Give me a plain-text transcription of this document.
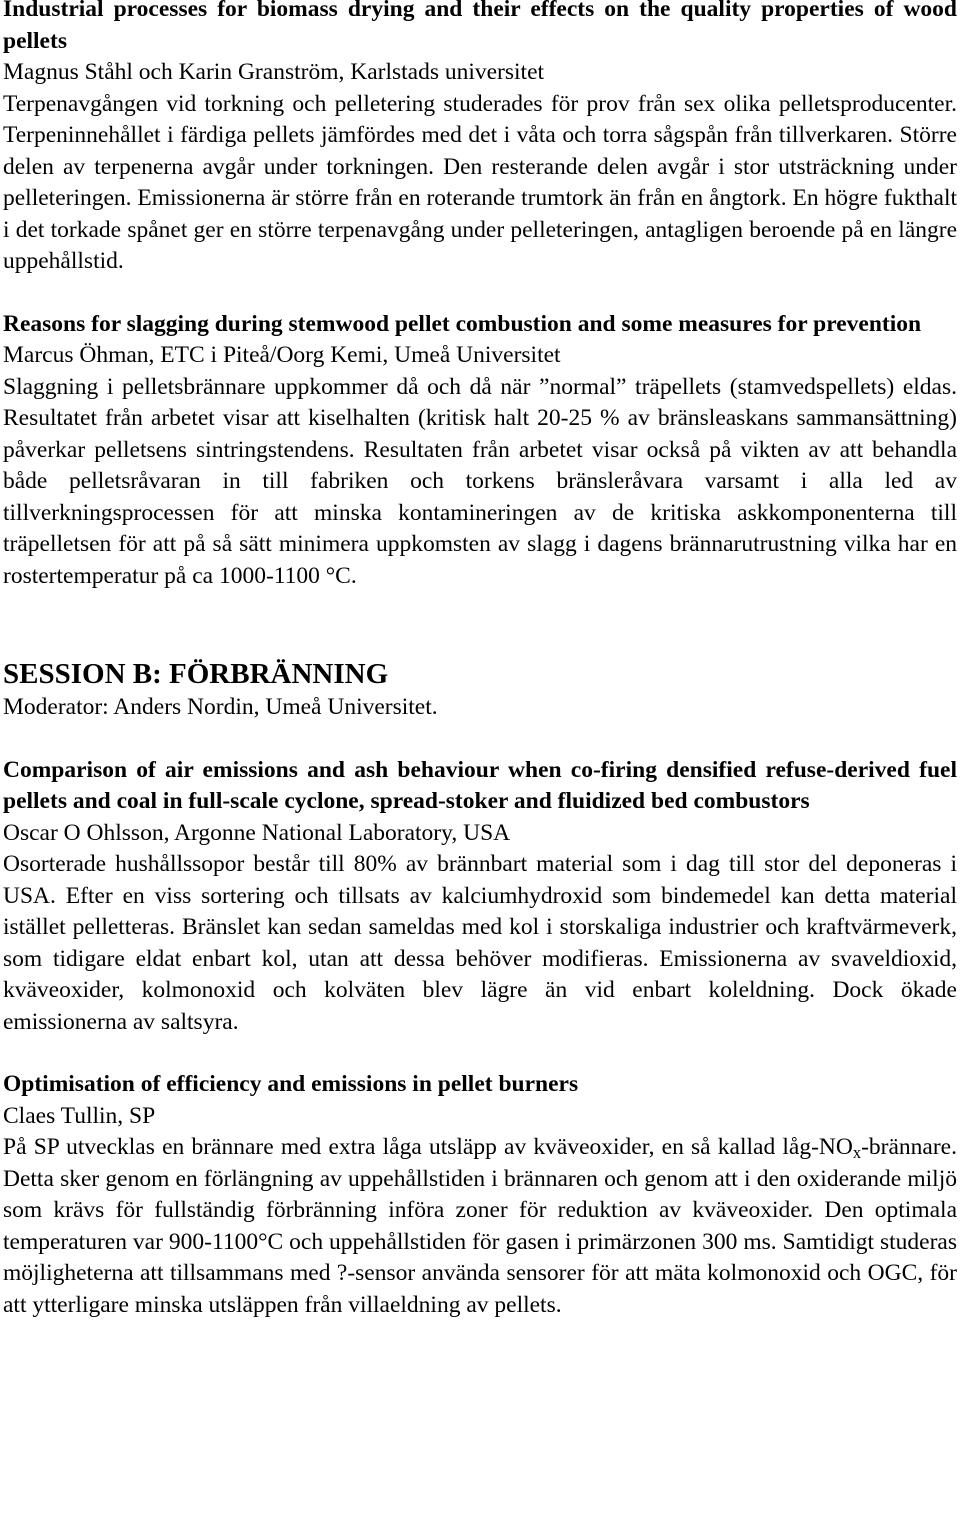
Industrial processes for biomass drying and their effects on the quality properties of wood pellets

Magnus Ståhl och Karin Granström, Karlstads universitet

Terpenavgången vid torkning och pelletering studerades för prov från sex olika pelletsproducenter. Terpeninnehållet i färdiga pellets jämfördes med det i våta och torra sågspån från tillverkaren. Större delen av terpenerna avgår under torkningen. Den resterande delen avgår i stor utsträckning under pelleteringen. Emissionerna är större från en roterande trumtork än från en ångtork. En högre fukthalt i det torkade spånet ger en större terpenavgång under pelleteringen, antagligen beroende på en längre uppehållstid.

Reasons for slagging during stemwood pellet combustion and some measures for prevention

Marcus Öhman, ETC i Piteå/Oorg Kemi, Umeå Universitet

Slaggning i pelletsbrännare uppkommer då och då när ”normal” träpellets (stamvedspellets) eldas. Resultatet från arbetet visar att kiselhalten (kritisk halt 20-25 % av bränsleaskans sammansättning) påverkar pelletsens sintringstendens. Resultaten från arbetet visar också på vikten av att behandla både pelletsråvaran in till fabriken och torkens bränsleråvara varsamt i alla led av tillverkningsprocessen för att minska kontamineringen av de kritiska askkomponenterna till träpelletsen för att på så sätt minimera uppkomsten av slagg i dagens brännarutrustning vilka har en rostertemperatur på ca 1000-1100 °C.

SESSION B: FÖRBRÄNNING

Moderator: Anders Nordin, Umeå Universitet.

Comparison of air emissions and ash behaviour when co-firing densified refuse-derived fuel pellets and coal in full-scale cyclone, spread-stoker and fluidized bed combustors

Oscar O Ohlsson, Argonne National Laboratory, USA

Osorterade hushållssopor består till 80% av brännbart material som i dag till stor del deponeras i USA. Efter en viss sortering och tillsats av kalciumhydroxid som bindemedel kan detta material istället pelletteras. Bränslet kan sedan sameldas med kol i storskaliga industrier och kraftvärmeverk, som tidigare eldat enbart kol, utan att dessa behöver modifieras. Emissionerna av svaveldioxid, kväveoxider, kolmonoxid och kolväten blev lägre än vid enbart koleldning. Dock ökade emissionerna av saltsyra.

Optimisation of efficiency and emissions in pellet burners

Claes Tullin, SP

På SP utvecklas en brännare med extra låga utsläpp av kväveoxider, en så kallad låg-$NO_x$-brännare. Detta sker genom en förlängning av uppehållstiden i brännaren och genom att i den oxiderande miljö som krävs för fullständig förbränning införa zoner för reduktion av kväveoxider. Den optimala temperaturen var 900-1100°C och uppehållstiden för gasen i primärzonen 300 ms. Samtidigt studeras möjligheterna att tillsammans med ?-sensor använda sensorer för att mäta kolmonoxid och OGC, för att ytterligare minska utsläppen från villaeldning av pellets.
